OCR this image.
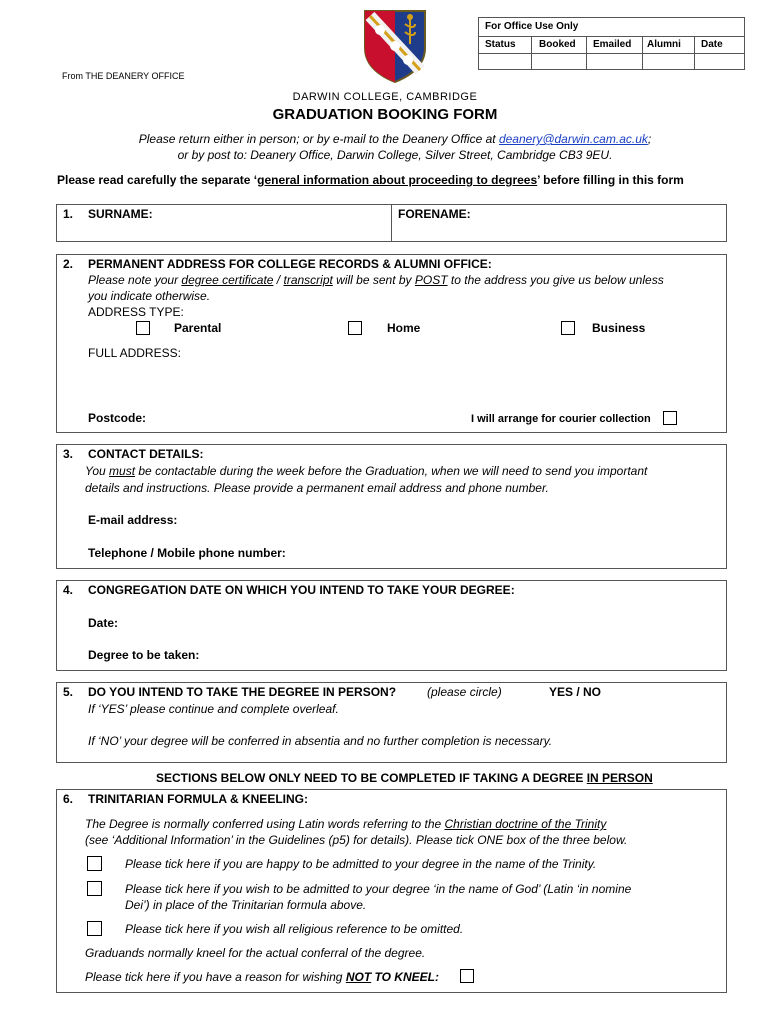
For Office Use Only
Status Booked Emailed Alumni Date
From THE DEANERY OFFICE
DARWIN COLLEGE, CAMBRIDGE
GRADUATION BOOKING FORM
Please return either in person; or by e-mail to the Deanery Office at deanery@darwin.cam.ac.uk;
or by post to: Deanery Office, Darwin College, Silver Street, Cambridge CB3 9EU.
Please read carefully the separate ‘general information about proceeding to degrees’ before filling in this form
1. SURNAME:	FORENAME:
2. PERMANENT ADDRESS FOR COLLEGE RECORDS & ALUMNI OFFICE:
Please note your degree certificate / transcript will be sent by POST to the address you give us below unless
you indicate otherwise.
ADDRESS TYPE:
Parental	Home	Business
FULL ADDRESS:
Postcode:	I will arrange for courier collection
3. CONTACT DETAILS:
You must be contactable during the week before the Graduation, when we will need to send you important
details and instructions. Please provide a permanent email address and phone number.
E-mail address:
Telephone / Mobile phone number:
4. CONGREGATION DATE ON WHICH YOU INTEND TO TAKE YOUR DEGREE:
Date:
Degree to be taken:
5. DO YOU INTEND TO TAKE THE DEGREE IN PERSON?	(please circle)	YES / NO
If ‘YES’ please continue and complete overleaf.
If ‘NO’ your degree will be conferred in absentia and no further completion is necessary.
SECTIONS BELOW ONLY NEED TO BE COMPLETED IF TAKING A DEGREE IN PERSON
6. TRINITARIAN FORMULA & KNEELING:
The Degree is normally conferred using Latin words referring to the Christian doctrine of the Trinity
(see ‘Additional Information’ in the Guidelines (p5) for details). Please tick ONE box of the three below.
Please tick here if you are happy to be admitted to your degree in the name of the Trinity.
Please tick here if you wish to be admitted to your degree ‘in the name of God’ (Latin ‘in nomine
Dei’) in place of the Trinitarian formula above.
Please tick here if you wish all religious reference to be omitted.
Graduands normally kneel for the actual conferral of the degree.
Please tick here if you have a reason for wishing NOT TO KNEEL:
